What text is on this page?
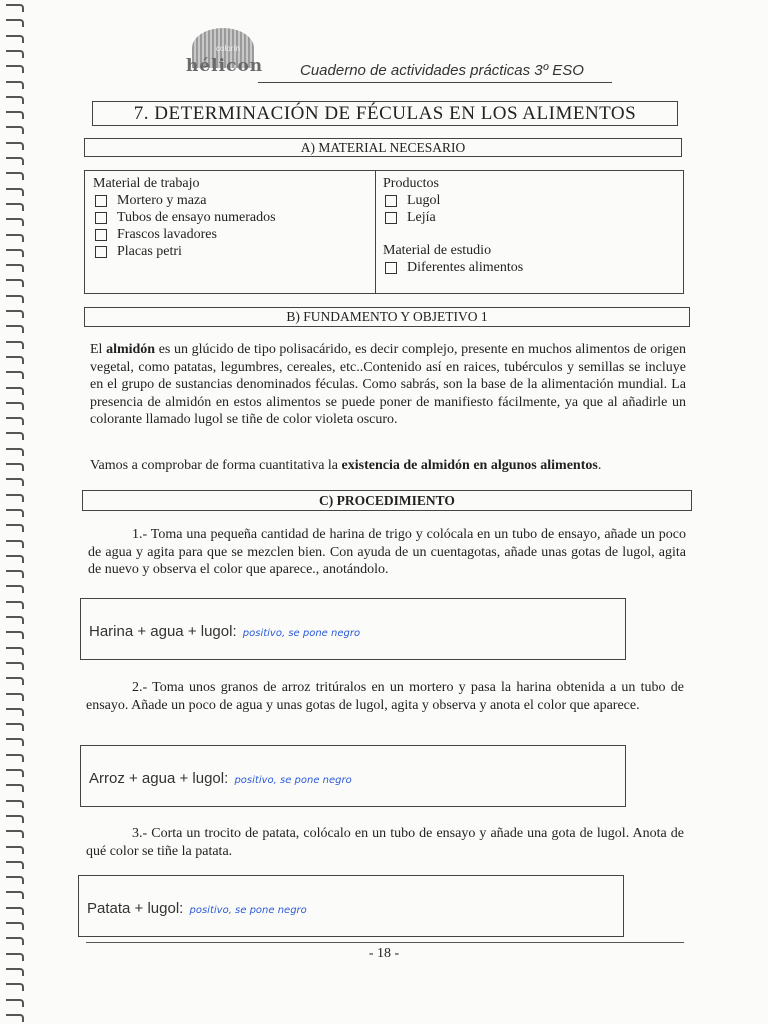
colorín
hélicon Cuaderno de actividades prácticas 3º ESO
7. DETERMINACIÓN DE FÉCULAS EN LOS ALIMENTOS
A) MATERIAL NECESARIO
Material de trabajo
Mortero y maza
Tubos de ensayo numerados
Frascos lavadores
Placas petri
Productos
Lugol
Lejía
Material de estudio
Diferentes alimentos
B) FUNDAMENTO Y OBJETIVO 1
El almidón es un glúcido de tipo polisacárido, es decir complejo, presente en muchos alimentos de origen vegetal, como patatas, legumbres, cereales, etc..Contenido así en raices, tubérculos y semillas se incluye en el grupo de sustancias denominados féculas. Como sabrás, son la base de la alimentación mundial. La presencia de almidón en estos alimentos se puede poner de manifiesto fácilmente, ya que al añadirle un colorante llamado lugol se tiñe de color violeta oscuro.
Vamos a comprobar de forma cuantitativa la existencia de almidón en algunos alimentos.
C) PROCEDIMIENTO
1.- Toma una pequeña cantidad de harina de trigo y colócala en un tubo de ensayo, añade un poco de agua y agita para que se mezclen bien. Con ayuda de un cuentagotas, añade unas gotas de lugol, agita de nuevo y observa el color que aparece., anotándolo.
Harina + agua + lugol: positivo, se pone negro
2.- Toma unos granos de arroz tritúralos en un mortero y pasa la harina obtenida a un tubo de ensayo. Añade un poco de agua y unas gotas de lugol, agita y observa y anota el color que aparece.
Arroz + agua + lugol: positivo, se pone negro
3.- Corta un trocito de patata, colócalo en un tubo de ensayo y añade una gota de lugol. Anota de qué color se tiñe la patata.
Patata + lugol: positivo, se pone negro
- 18 -
